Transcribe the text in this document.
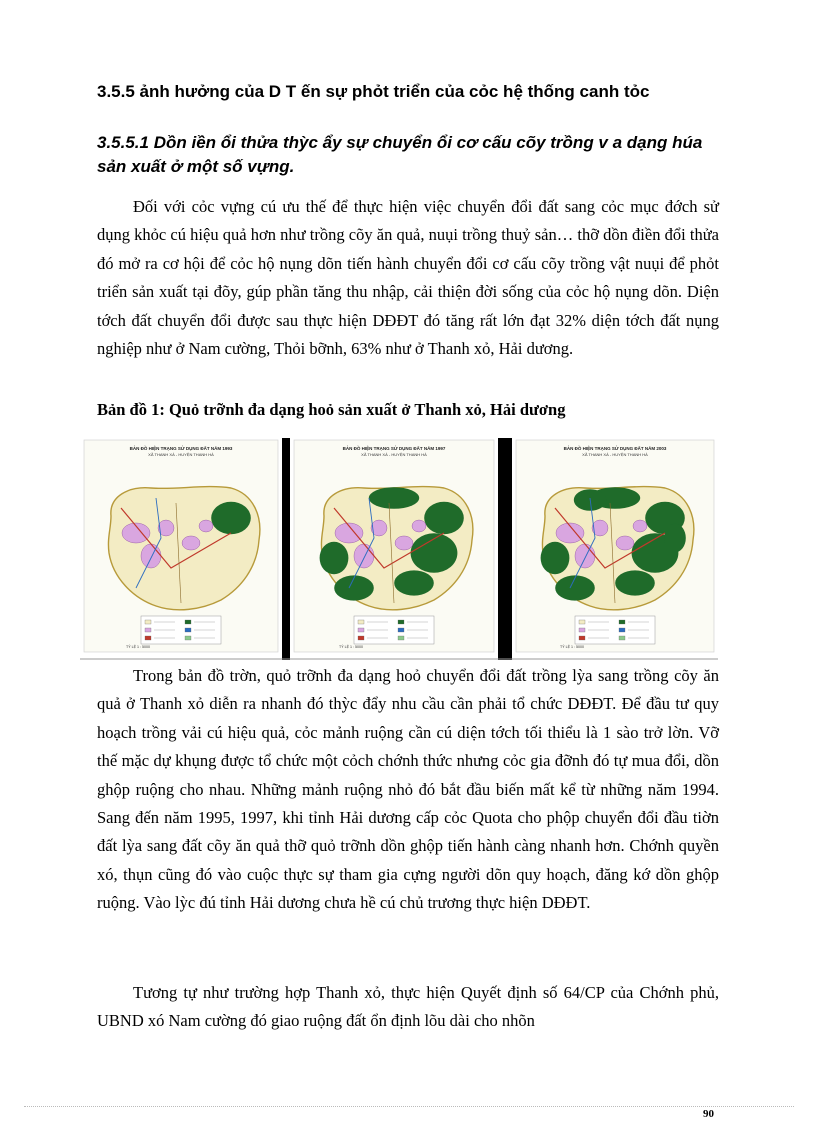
3.5.5 ảnh hưởng của D T ến sự phỏt triển của cỏc hệ thống canh tỏc
3.5.5.1 Dồn iền ổi thửa thỳc ẩy sự chuyển ổi cơ cấu cõy trồng v a dạng húa sản xuất ở một số vựng.
Đối với cỏc vựng cú ưu thế để thực hiện việc chuyển đổi đất sang cỏc mục đớch sử dụng khỏc cú hiệu quả hơn như trồng cõy ăn quả, nuụi trồng thuỷ sản… thỡ dồn điền đổi thửa đó mở ra cơ hội để cỏc hộ nụng dõn tiến hành chuyển đổi cơ cấu cõy trồng vật nuụi để phỏt triển sản xuất tại đõy, gúp phần tăng thu nhập, cải thiện đời sống của cỏc hộ nụng dõn. Diện tớch đất chuyển đổi được sau thực hiện DĐĐT đó tăng rất lớn đạt 32% diện tớch đất nụng nghiệp như ở Nam cường, Thỏi bỡnh, 63% như ở Thanh xỏ, Hải dương.
Bản đồ 1: Quỏ trỡnh đa dạng hoỏ sản xuất ở Thanh xỏ, Hải dương
BẢN ĐỒ HIỆN TRẠNG SỬ DỤNG ĐẤT NĂM 1993
XÃ THANH XÁ - HUYỆN THANH HÀ
TỶ LỆ 1 : 5000
BẢN ĐỒ HIỆN TRẠNG SỬ DỤNG ĐẤT NĂM 1997
XÃ THANH XÁ - HUYỆN THANH HÀ
TỶ LỆ 1 : 5000
BẢN ĐỒ HIỆN TRẠNG SỬ DỤNG ĐẤT NĂM 2003
XÃ THANH XÁ - HUYỆN THANH HÀ
TỶ LỆ 1 : 5000
Trong bản đồ trờn, quỏ trỡnh đa dạng hoỏ chuyển đổi đất trồng lỳa sang trồng cõy ăn quả ở Thanh xỏ diễn ra nhanh đó thỳc đẩy nhu cầu cần phải tổ chức DĐĐT. Để đầu tư quy hoạch trồng vải cú hiệu quả, cỏc mảnh ruộng cần cú diện tớch tối thiểu là 1 sào trở lờn. Vỡ thế mặc dự khụng được tổ chức một cỏch chớnh thức nhưng cỏc gia đỡnh đó tự mua đổi, dồn ghộp ruộng cho nhau. Những mảnh ruộng nhỏ đó bắt đầu biến mất kể từ những năm 1994. Sang đến năm 1995, 1997, khi tỉnh Hải dương cấp cỏc Quota cho phộp chuyển đổi đầu tiờn đất lỳa sang đất cõy ăn quả thỡ quỏ trỡnh dồn ghộp tiến hành càng nhanh hơn. Chớnh quyền xó, thụn cũng đó vào cuộc thực sự tham gia cựng người dõn quy hoạch, đăng kớ dồn ghộp ruộng. Vào lỳc đú tỉnh Hải dương chưa hề cú chủ trương thực hiện DĐĐT.
Tương tự như trường hợp Thanh xỏ, thực hiện Quyết định số 64/CP của Chớnh phủ, UBND xó Nam cường đó giao ruộng đất ổn định lõu dài cho nhõn
90
